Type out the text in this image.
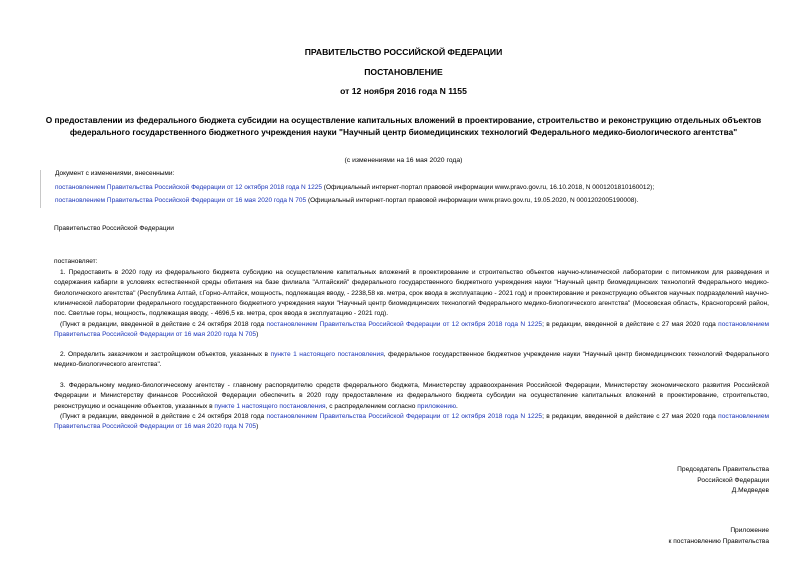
ПРАВИТЕЛЬСТВО РОССИЙСКОЙ ФЕДЕРАЦИИ
ПОСТАНОВЛЕНИЕ
от 12 ноября 2016 года N 1155
О предоставлении из федерального бюджета субсидии на осуществление капитальных вложений в проектирование, строительство и реконструкцию отдельных объектов федерального государственного бюджетного учреждения науки "Научный центр биомедицинских технологий Федерального медико-биологического агентства"
(с изменениями на 16 мая 2020 года)
Документ с изменениями, внесенными:
постановлением Правительства Российской Федерации от 12 октября 2018 года N 1225 (Официальный интернет-портал правовой информации www.pravo.gov.ru, 16.10.2018, N 0001201810160012);
постановлением Правительства Российской Федерации от 16 мая 2020 года N 705 (Официальный интернет-портал правовой информации www.pravo.gov.ru, 19.05.2020, N 0001202005190008).
Правительство Российской Федерации
постановляет:
1. Предоставить в 2020 году из федерального бюджета субсидию на осуществление капитальных вложений в проектирование и строительство объектов научно-клинической лаборатории с питомником для разведения и содержания кабарги в условиях естественной среды обитания на базе филиала "Алтайский" федерального государственного бюджетного учреждения науки "Научный центр биомедицинских технологий Федерального медико-биологического агентства" (Республика Алтай, г.Горно-Алтайск, мощность, подлежащая вводу, - 2238,58 кв. метра, срок ввода в эксплуатацию - 2021 год) и проектирование и реконструкцию объектов научных подразделений научно-клинической лаборатории федерального государственного бюджетного учреждения науки "Научный центр биомедицинских технологий Федерального медико-биологического агентства" (Московская область, Красногорский район, пос. Светлые горы, мощность, подлежащая вводу, - 4696,5 кв. метра, срок ввода в эксплуатацию - 2021 год).
(Пункт в редакции, введенной в действие с 24 октября 2018 года постановлением Правительства Российской Федерации от 12 октября 2018 года N 1225; в редакции, введенной в действие с 27 мая 2020 года постановлением Правительства Российской Федерации от 16 мая 2020 года N 705)
2. Определить заказчиком и застройщиком объектов, указанных в пункте 1 настоящего постановления, федеральное государственное бюджетное учреждение науки "Научный центр биомедицинских технологий Федерального медико-биологического агентства".
3. Федеральному медико-биологическому агентству - главному распорядителю средств федерального бюджета, Министерству здравоохранения Российской Федерации, Министерству экономического развития Российской Федерации и Министерству финансов Российской Федерации обеспечить в 2020 году предоставление из федерального бюджета субсидии на осуществление капитальных вложений в проектирование, строительство, реконструкцию и оснащение объектов, указанных в пункте 1 настоящего постановления, с распределением согласно приложению.
(Пункт в редакции, введенной в действие с 24 октября 2018 года постановлением Правительства Российской Федерации от 12 октября 2018 года N 1225; в редакции, введенной в действие с 27 мая 2020 года постановлением Правительства Российской Федерации от 16 мая 2020 года N 705)
Председатель Правительства
Российской Федерации
Д.Медведев
Приложение
к постановлению Правительства
